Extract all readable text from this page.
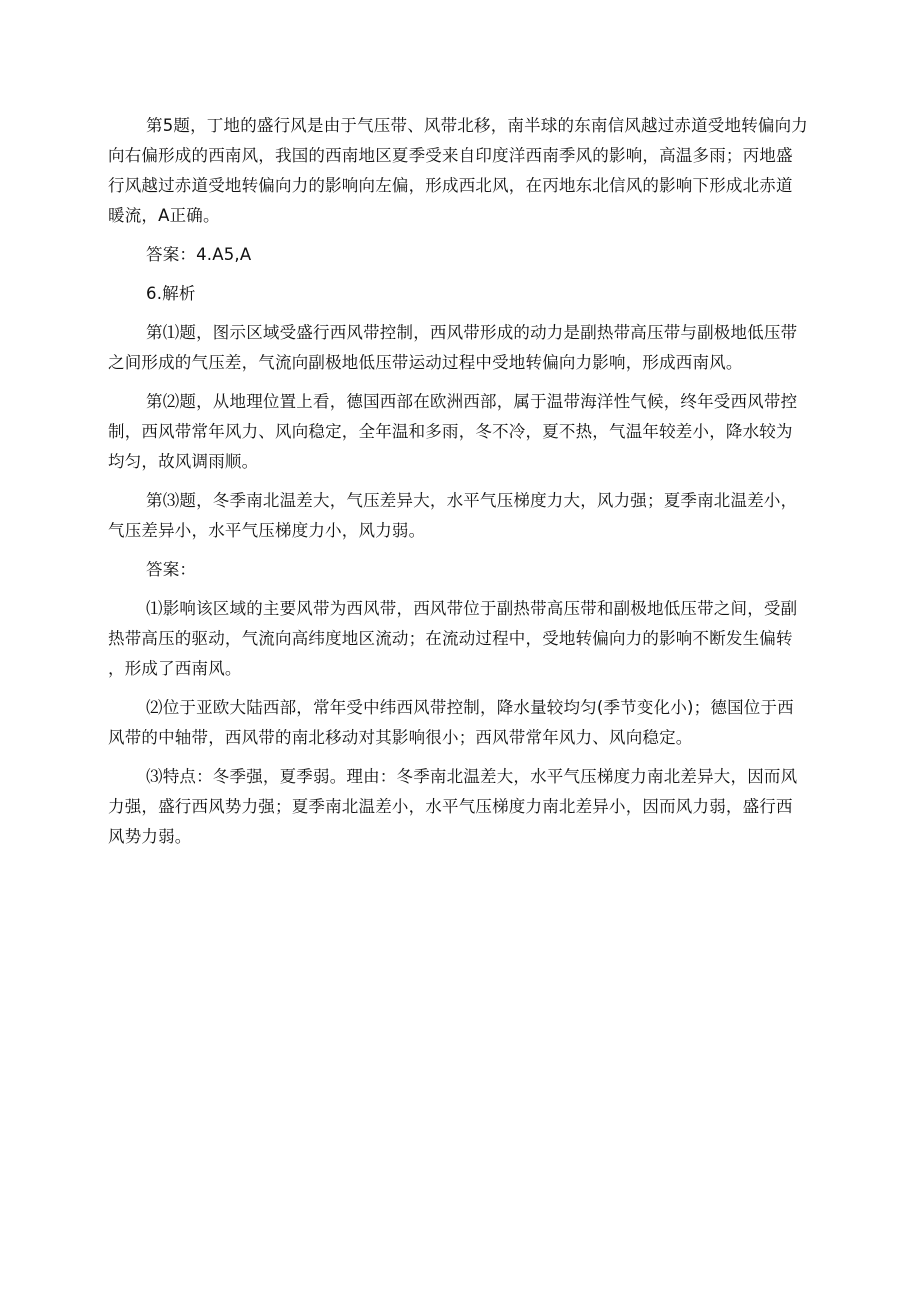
第5题，丁地的盛行风是由于气压带、风带北移，南半球的东南信风越过赤道受地转偏向力向右偏形成的西南风，我国的西南地区夏季受来自印度洋西南季风的影响，高温多雨；丙地盛行风越过赤道受地转偏向力的影响向左偏，形成西北风，在丙地东北信风的影响下形成北赤道暖流，A正确。

答案：4.A5,A

6.解析

第⑴题，图示区域受盛行西风带控制，西风带形成的动力是副热带高压带与副极地低压带之间形成的气压差，气流向副极地低压带运动过程中受地转偏向力影响，形成西南风。

第⑵题，从地理位置上看，德国西部在欧洲西部，属于温带海洋性气候，终年受西风带控制，西风带常年风力、风向稳定，全年温和多雨，冬不冷，夏不热，气温年较差小，降水较为均匀，故风调雨顺。

第⑶题，冬季南北温差大，气压差异大，水平气压梯度力大，风力强；夏季南北温差小，气压差异小，水平气压梯度力小，风力弱。

答案：

⑴影响该区域的主要风带为西风带，西风带位于副热带高压带和副极地低压带之间，受副热带高压的驱动，气流向高纬度地区流动；在流动过程中，受地转偏向力的影响不断发生偏转，形成了西南风。

⑵位于亚欧大陆西部，常年受中纬西风带控制，降水量较均匀(季节变化小)；德国位于西风带的中轴带，西风带的南北移动对其影响很小；西风带常年风力、风向稳定。

⑶特点：冬季强，夏季弱。理由：冬季南北温差大，水平气压梯度力南北差异大，因而风力强，盛行西风势力强；夏季南北温差小，水平气压梯度力南北差异小，因而风力弱，盛行西风势力弱。
